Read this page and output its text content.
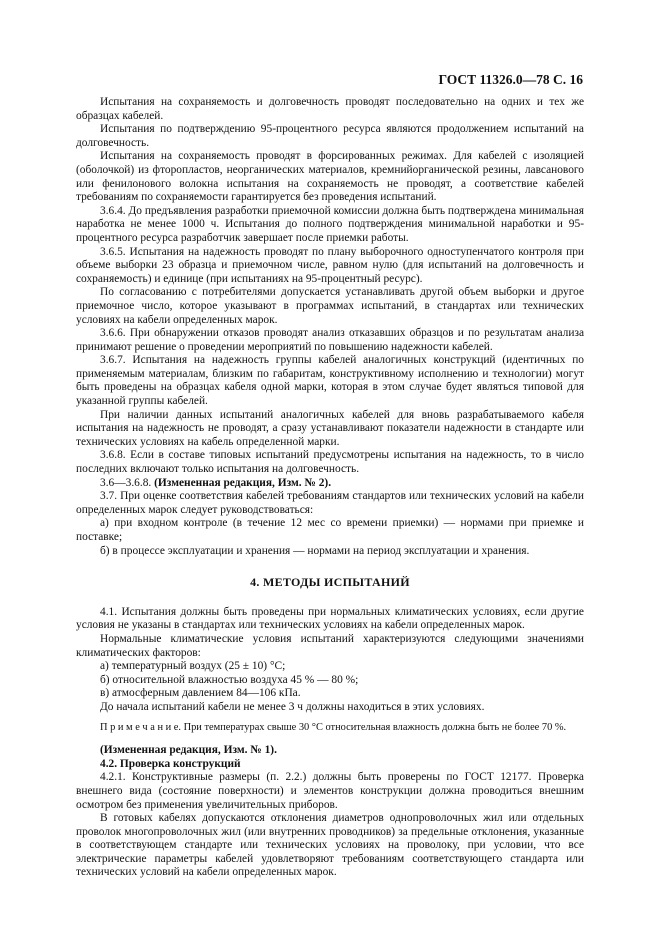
ГОСТ 11326.0—78 С. 16

Испытания на сохраняемость и долговечность проводят последовательно на одних и тех же образцах кабелей.

Испытания по подтверждению 95-процентного ресурса являются продолжением испытаний на долговечность.

Испытания на сохраняемость проводят в форсированных режимах. Для кабелей с изоляцией (оболочкой) из фторопластов, неорганических материалов, кремнийорганической резины, лавсанового или фенилонового волокна испытания на сохраняемость не проводят, а соответствие кабелей требованиям по сохраняемости гарантируется без проведения испытаний.

3.6.4. До предъявления разработки приемочной комиссии должна быть подтверждена минимальная наработка не менее 1000 ч. Испытания до полного подтверждения минимальной наработки и 95-процентного ресурса разработчик завершает после приемки работы.

3.6.5. Испытания на надежность проводят по плану выборочного одноступенчатого контроля при объеме выборки 23 образца и приемочном числе, равном нулю (для испытаний на долговечность и сохраняемость) и единице (при испытаниях на 95-процентный ресурс).

По согласованию с потребителями допускается устанавливать другой объем выборки и другое приемочное число, которое указывают в программах испытаний, в стандартах или технических условиях на кабели определенных марок.

3.6.6. При обнаружении отказов проводят анализ отказавших образцов и по результатам анализа принимают решение о проведении мероприятий по повышению надежности кабелей.

3.6.7. Испытания на надежность группы кабелей аналогичных конструкций (идентичных по применяемым материалам, близким по габаритам, конструктивному исполнению и технологии) могут быть проведены на образцах кабеля одной марки, которая в этом случае будет являться типовой для указанной группы кабелей.

При наличии данных испытаний аналогичных кабелей для вновь разрабатываемого кабеля испытания на надежность не проводят, а сразу устанавливают показатели надежности в стандарте или технических условиях на кабель определенной марки.

3.6.8. Если в составе типовых испытаний предусмотрены испытания на надежность, то в число последних включают только испытания на долговечность.

3.6—3.6.8. (Измененная редакция, Изм. № 2).

3.7. При оценке соответствия кабелей требованиям стандартов или технических условий на кабели определенных марок следует руководствоваться:

а) при входном контроле (в течение 12 мес со времени приемки) — нормами при приемке и поставке;

б) в процессе эксплуатации и хранения — нормами на период эксплуатации и хранения.

4. МЕТОДЫ ИСПЫТАНИЙ

4.1. Испытания должны быть проведены при нормальных климатических условиях, если другие условия не указаны в стандартах или технических условиях на кабели определенных марок.

Нормальные климатические условия испытаний характеризуются следующими значениями климатических факторов:

а) температурный воздух (25 ± 10) °C;

б) относительной влажностью воздуха 45 % — 80 %;

в) атмосферным давлением 84—106 кПа.

До начала испытаний кабели не менее 3 ч должны находиться в этих условиях.

П р и м е ч а н и е. При температурах свыше 30 °C относительная влажность должна быть не более 70 %.

(Измененная редакция, Изм. № 1).

4.2. Проверка конструкций

4.2.1. Конструктивные размеры (п. 2.2.) должны быть проверены по ГОСТ 12177. Проверка внешнего вида (состояние поверхности) и элементов конструкции должна проводиться внешним осмотром без применения увеличительных приборов.

В готовых кабелях допускаются отклонения диаметров однопроволочных жил или отдельных проволок многопроволочных жил (или внутренних проводников) за предельные отклонения, указанные в соответствующем стандарте или технических условиях на проволоку, при условии, что все электрические параметры кабелей удовлетворяют требованиям соответствующего стандарта или технических условий на кабели определенных марок.
